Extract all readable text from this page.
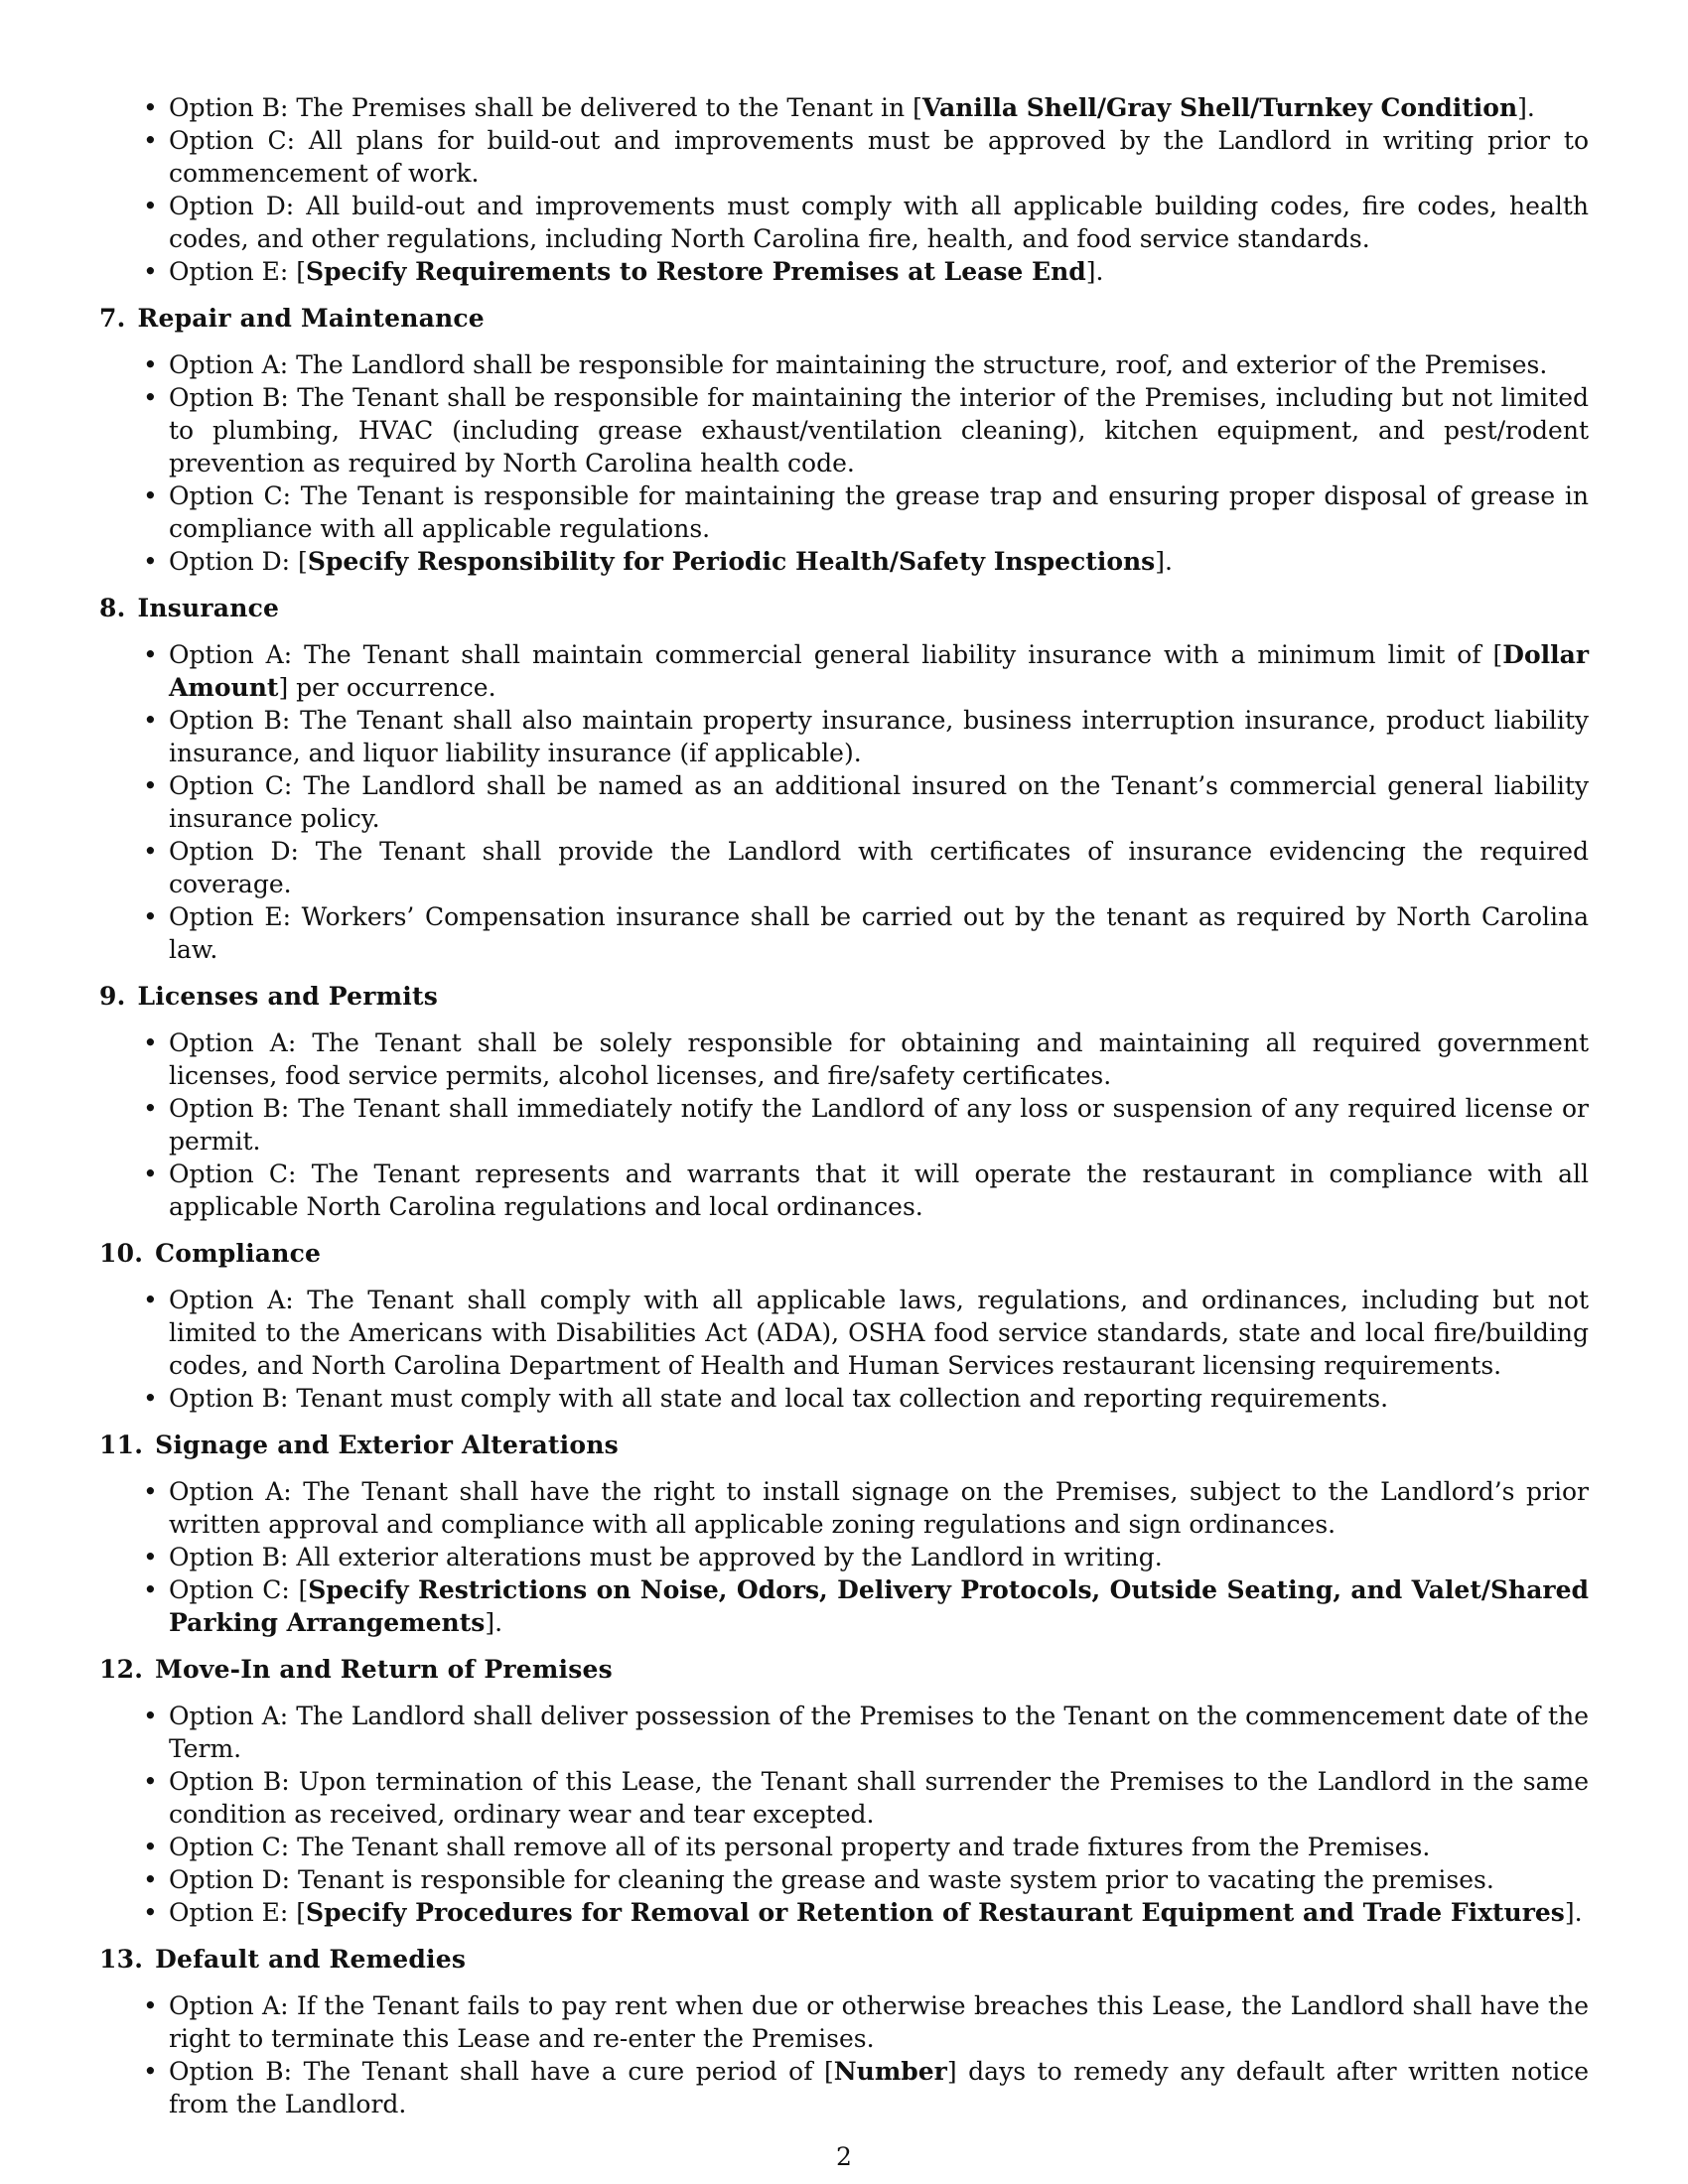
• Option B: The Premises shall be delivered to the Tenant in [Vanilla Shell/Gray Shell/Turnkey Condition].
• Option C: All plans for build-out and improvements must be approved by the Landlord in writing prior to commencement of work.
• Option D: All build-out and improvements must comply with all applicable building codes, fire codes, health codes, and other regulations, including North Carolina fire, health, and food service standards.
• Option E: [Specify Requirements to Restore Premises at Lease End].
7. Repair and Maintenance
• Option A: The Landlord shall be responsible for maintaining the structure, roof, and exterior of the Premises.
• Option B: The Tenant shall be responsible for maintaining the interior of the Premises, including but not limited to plumbing, HVAC (including grease exhaust/ventilation cleaning), kitchen equipment, and pest/rodent prevention as required by North Carolina health code.
• Option C: The Tenant is responsible for maintaining the grease trap and ensuring proper disposal of grease in compliance with all applicable regulations.
• Option D: [Specify Responsibility for Periodic Health/Safety Inspections].
8. Insurance
• Option A: The Tenant shall maintain commercial general liability insurance with a minimum limit of [Dollar Amount] per occurrence.
• Option B: The Tenant shall also maintain property insurance, business interruption insurance, product liability insurance, and liquor liability insurance (if applicable).
• Option C: The Landlord shall be named as an additional insured on the Tenant’s commercial general liability insurance policy.
• Option D: The Tenant shall provide the Landlord with certificates of insurance evidencing the required coverage.
• Option E: Workers’ Compensation insurance shall be carried out by the tenant as required by North Carolina law.
9. Licenses and Permits
• Option A: The Tenant shall be solely responsible for obtaining and maintaining all required government licenses, food service permits, alcohol licenses, and fire/safety certificates.
• Option B: The Tenant shall immediately notify the Landlord of any loss or suspension of any required license or permit.
• Option C: The Tenant represents and warrants that it will operate the restaurant in compliance with all applicable North Carolina regulations and local ordinances.
10. Compliance
• Option A: The Tenant shall comply with all applicable laws, regulations, and ordinances, including but not limited to the Americans with Disabilities Act (ADA), OSHA food service standards, state and local fire/building codes, and North Carolina Department of Health and Human Services restaurant licensing requirements.
• Option B: Tenant must comply with all state and local tax collection and reporting requirements.
11. Signage and Exterior Alterations
• Option A: The Tenant shall have the right to install signage on the Premises, subject to the Landlord’s prior written approval and compliance with all applicable zoning regulations and sign ordinances.
• Option B: All exterior alterations must be approved by the Landlord in writing.
• Option C: [Specify Restrictions on Noise, Odors, Delivery Protocols, Outside Seating, and Valet/Shared Parking Arrangements].
12. Move-In and Return of Premises
• Option A: The Landlord shall deliver possession of the Premises to the Tenant on the commencement date of the Term.
• Option B: Upon termination of this Lease, the Tenant shall surrender the Premises to the Landlord in the same condition as received, ordinary wear and tear excepted.
• Option C: The Tenant shall remove all of its personal property and trade fixtures from the Premises.
• Option D: Tenant is responsible for cleaning the grease and waste system prior to vacating the premises.
• Option E: [Specify Procedures for Removal or Retention of Restaurant Equipment and Trade Fixtures].
13. Default and Remedies
• Option A: If the Tenant fails to pay rent when due or otherwise breaches this Lease, the Landlord shall have the right to terminate this Lease and re-enter the Premises.
• Option B: The Tenant shall have a cure period of [Number] days to remedy any default after written notice from the Landlord.
2
